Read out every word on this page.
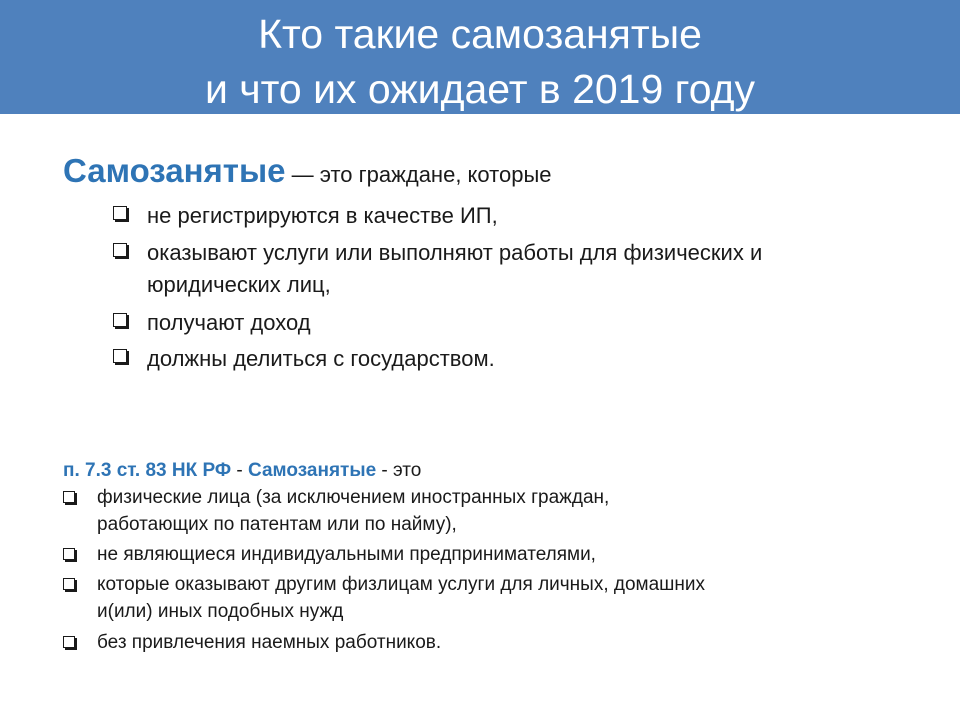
Кто такие самозанятые
и что их ожидает в 2019 году
Самозанятые — это граждане, которые
не регистрируются в качестве ИП,
оказывают услуги или выполняют работы для физических и
юридических лиц,
получают доход
должны делиться с государством.
п. 7.3 ст. 83 НК РФ - Самозанятые - это
физические лица (за исключением иностранных граждан,
работающих по патентам или по найму),
не являющиеся индивидуальными предпринимателями,
которые оказывают другим физлицам услуги для личных, домашних
и(или) иных подобных нужд
без привлечения наемных работников.
